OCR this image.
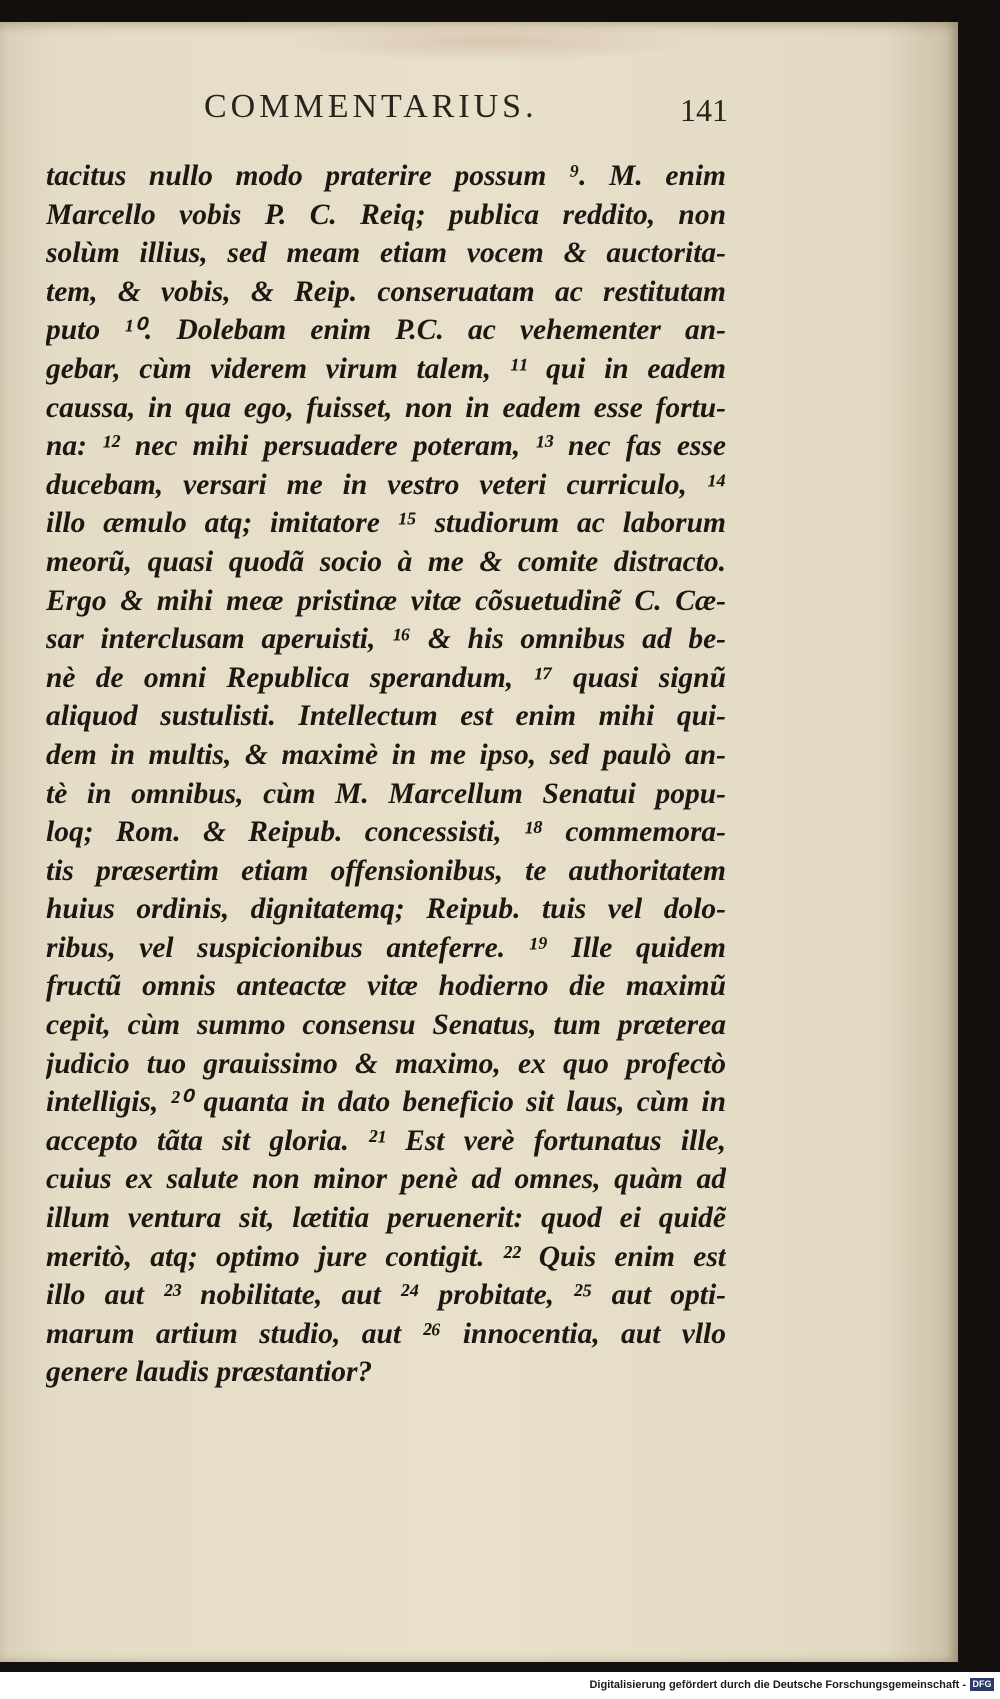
COMMENTARIUS.	141
tacitus nullo modo praterire possum ⁹. M. enim
Marcello vobis P. C. Reiq; publica reddito, non
solùm illius, sed meam etiam vocem & auctorita-
tem, & vobis, & Reip. conseruatam ac restitutam
puto ¹⁰. Dolebam enim P.C. ac vehementer an-
gebar, cùm viderem virum talem, ¹¹ qui in eadem
caussa, in qua ego, fuisset, non in eadem esse fortu-
na: ¹² nec mihi persuadere poteram, ¹³ nec fas esse
ducebam, versari me in vestro veteri curriculo, ¹⁴
illo æmulo atq; imitatore ¹⁵ studiorum ac laborum
meorũ, quasi quodã socio à me & comite distracto.
Ergo & mihi meæ pristinæ vitæ cõsuetudinẽ C. Cæ-
sar interclusam aperuisti, ¹⁶ & his omnibus ad be-
nè de omni Republica sperandum, ¹⁷ quasi signũ
aliquod sustulisti. Intellectum est enim mihi qui-
dem in multis, & maximè in me ipso, sed paulò an-
tè in omnibus, cùm M. Marcellum Senatui popu-
loq; Rom. & Reipub. concessisti, ¹⁸ commemora-
tis præsertim etiam offensionibus, te authoritatem
huius ordinis, dignitatemq; Reipub. tuis vel dolo-
ribus, vel suspicionibus anteferre. ¹⁹ Ille quidem
fructũ omnis anteactæ vitæ hodierno die maximũ
cepit, cùm summo consensu Senatus, tum præterea
judicio tuo grauissimo & maximo, ex quo profectò
intelligis, ²⁰ quanta in dato beneficio sit laus, cùm in
accepto tãta sit gloria. ²¹ Est verè fortunatus ille,
cuius ex salute non minor penè ad omnes, quàm ad
illum ventura sit, lætitia peruenerit: quod ei quidẽ
meritò, atq; optimo jure contigit. ²² Quis enim est
illo aut ²³ nobilitate, aut ²⁴ probitate, ²⁵ aut opti-
marum artium studio, aut ²⁶ innocentia, aut vllo
genere laudis præstantior?
Digitalisierung gefördert durch die Deutsche Forschungsgemeinschaft - DFG
